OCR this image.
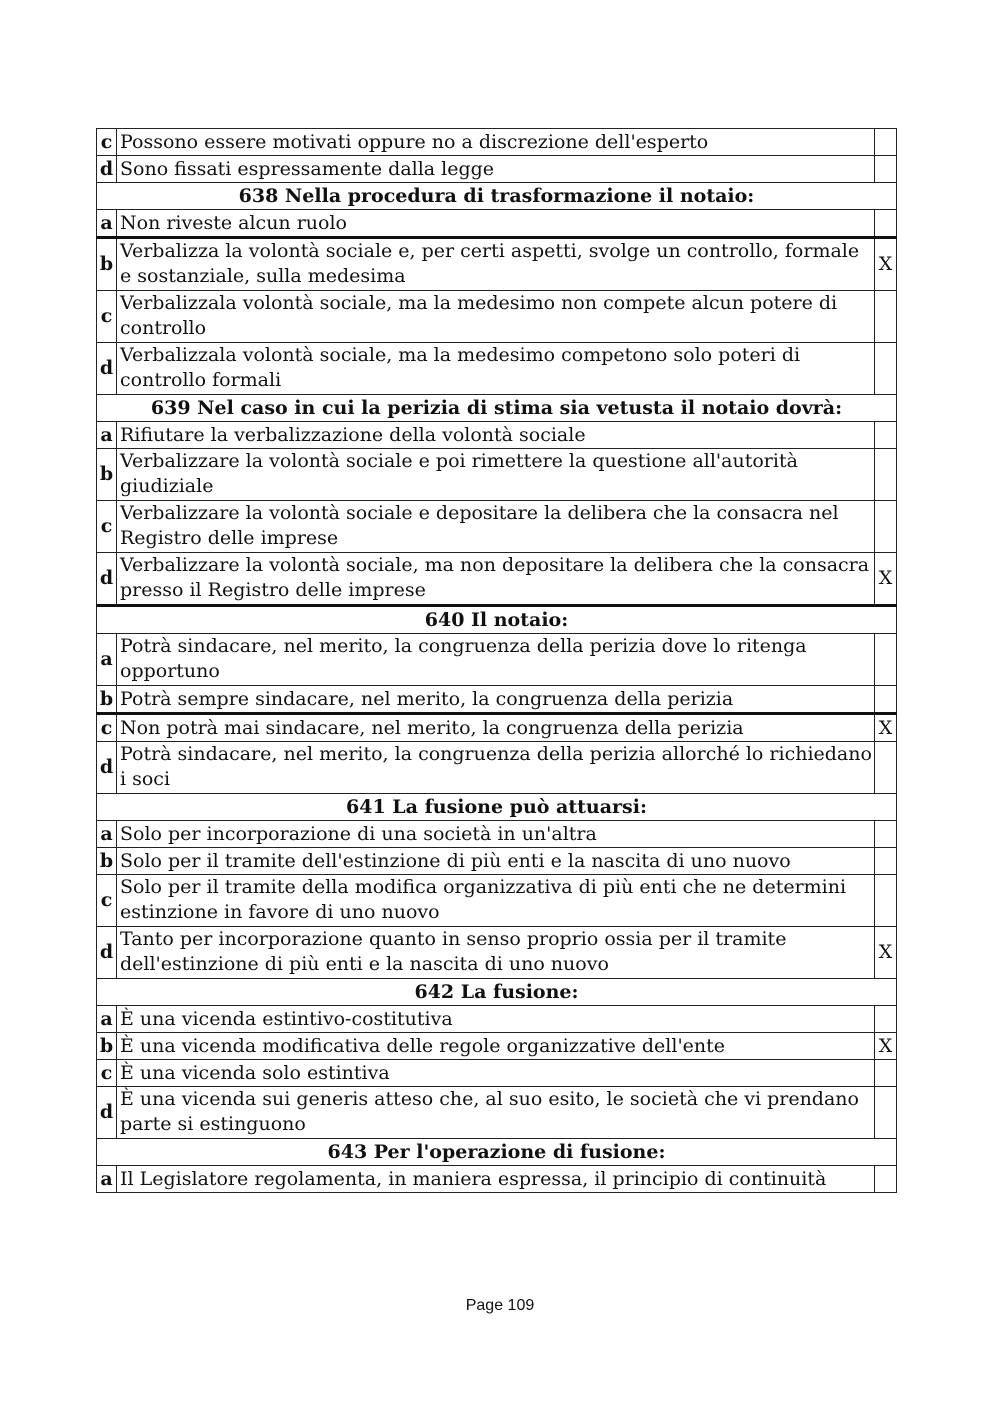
c	Possono essere motivati oppure no a discrezione dell'esperto	
d	Sono fissati espressamente dalla legge	
638 Nella procedura di trasformazione il notaio:		
a	Non riveste alcun ruolo	
b	Verbalizza la volontà sociale e, per certi aspetti, svolge un controllo, formale e sostanziale, sulla medesima	X
c	Verbalizzala volontà sociale, ma la medesimo non compete alcun potere di controllo	
d	Verbalizzala volontà sociale, ma la medesimo competono solo poteri di controllo formali	
639 Nel caso in cui la perizia di stima sia vetusta il notaio dovrà:		
a	Rifiutare la verbalizzazione della volontà sociale	
b	Verbalizzare la volontà sociale e poi rimettere la questione all'autorità giudiziale	
c	Verbalizzare la volontà sociale e depositare la delibera che la consacra nel Registro delle imprese	
d	Verbalizzare la volontà sociale, ma non depositare la delibera che la consacra presso il Registro delle imprese	X
640 Il notaio:		
a	Potrà sindacare, nel merito, la congruenza della perizia dove lo ritenga opportuno	
b	Potrà sempre sindacare, nel merito, la congruenza della perizia	
c	Non potrà mai sindacare, nel merito, la congruenza della perizia	X
d	Potrà sindacare, nel merito, la congruenza della perizia allorché lo richiedano i soci	
641 La fusione può attuarsi:		
a	Solo per incorporazione di una società in un'altra	
b	Solo per il tramite dell'estinzione di più enti e la nascita di uno nuovo	
c	Solo per il tramite della modifica organizzativa di più enti che ne determini estinzione in favore di uno nuovo	
d	Tanto per incorporazione quanto in senso proprio ossia per il tramite dell'estinzione di più enti e la nascita di uno nuovo	X
642 La fusione:		
a	È una vicenda estintivo-costitutiva	
b	È una vicenda modificativa delle regole organizzative dell'ente	X
c	È una vicenda solo estintiva	
d	È una vicenda sui generis atteso che, al suo esito, le società che vi prendano parte si estinguono	
643 Per l'operazione di fusione:		
a	Il Legislatore regolamenta, in maniera espressa, il principio di continuità	
Page 109
